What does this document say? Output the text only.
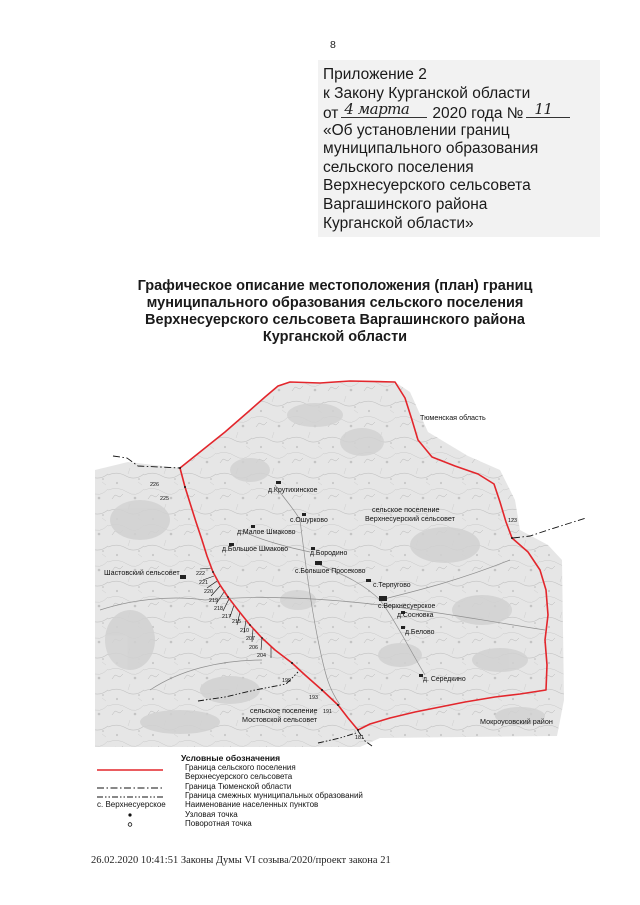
8
Приложение 2
к Закону Курганской области
от 4 марта 2020 года № 11
«Об установлении границ
муниципального образования
сельского поселения
Верхнесуерского сельсовета
Варгашинского района
Курганской области»
Графическое описание местоположения (план) границ
муниципального образования сельского поселения
Верхнесуерского сельсовета Варгашинского района
Курганской области
Тюменская область
сельское поселение
Верхнесуерский сельсовет
Шастовский сельсовет
сельское поселение
Мостовской сельсовет	Мокроусовский район
д.Крутихинское
с.Ошурково
д.Малое Шмаково
д.Большое Шмаково
д.Бородино
с.Большое Просеково
с.Терпугово
с.Верхнесуерское
д.Сосновка
д.Белово
д. Середкино
226
225
123
222
221
220
219
218
217
215
210
207
206
204
199
193
191
181
Условные обозначения
Граница сельского поселения
Верхнесуерского сельсовета
Граница Тюменской области
Граница смежных муниципальных образований
с. Верхнесуерское Наименование населенных пунктов
Узловая точка
Поворотная точка
26.02.2020 10:41:51 Законы Думы VI созыва/2020/проект закона 21
